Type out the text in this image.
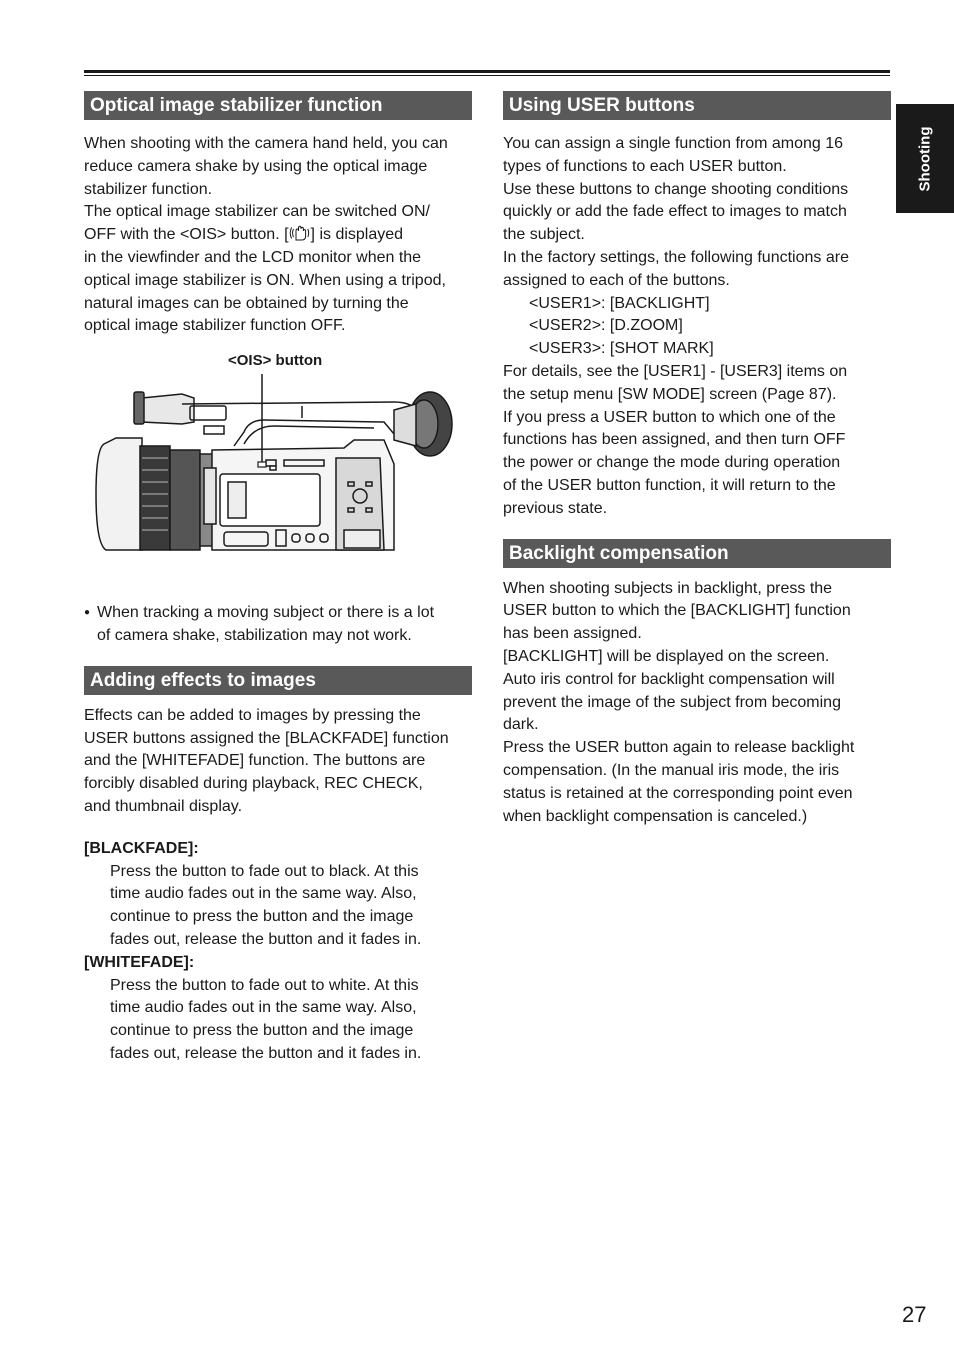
Shooting
Optical image stabilizer function

When shooting with the camera hand held, you can

reduce camera shake by using the optical image

stabilizer function.

The optical image stabilizer can be switched ON/

OFF with the <OIS> button. [ ] is displayed

in the viewfinder and the LCD monitor when the

optical image stabilizer is ON. When using a tripod,

natural images can be obtained by turning the

optical image stabilizer function OFF.

<OIS> button

● When tracking a moving subject or there is a lot

of camera shake, stabilization may not work.

Adding effects to images

Effects can be added to images by pressing the

USER buttons assigned the [BLACKFADE] function

and the [WHITEFADE] function. The buttons are

forcibly disabled during playback, REC CHECK,

and thumbnail display.

[BLACKFADE]:

Press the button to fade out to black. At this

time audio fades out in the same way. Also,

continue to press the button and the image

fades out, release the button and it fades in.

[WHITEFADE]:

Press the button to fade out to white. At this

time audio fades out in the same way. Also,

continue to press the button and the image

fades out, release the button and it fades in.

Using USER buttons

You can assign a single function from among 16

types of functions to each USER button.

Use these buttons to change shooting conditions

quickly or add the fade effect to images to match

the subject.

In the factory settings, the following functions are

assigned to each of the buttons.

<USER1>: [BACKLIGHT]

<USER2>: [D.ZOOM]

<USER3>: [SHOT MARK]

For details, see the [USER1] - [USER3] items on

the setup menu [SW MODE] screen (Page 87).

If you press a USER button to which one of the

functions has been assigned, and then turn OFF

the power or change the mode during operation

of the USER button function, it will return to the

previous state.

Backlight compensation

When shooting subjects in backlight, press the

USER button to which the [BACKLIGHT] function

has been assigned.

[BACKLIGHT] will be displayed on the screen.

Auto iris control for backlight compensation will

prevent the image of the subject from becoming

dark.

Press the USER button again to release backlight

compensation. (In the manual iris mode, the iris

status is retained at the corresponding point even

when backlight compensation is canceled.)

27
